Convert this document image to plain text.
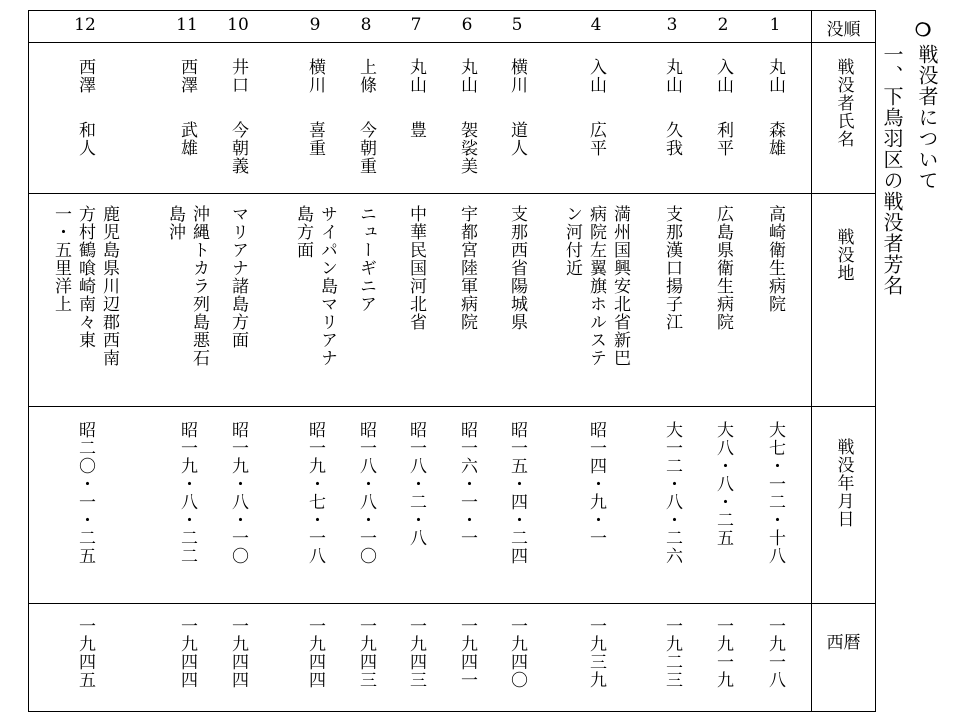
❍
戦没者について
一、下鳥羽区の戦没者芳名
没順
戦没者氏名
戦没地
戦没年月日
西暦
1
丸山
森雄
高崎衛生病院
大七・一二・十八
一九一八
2
入山
利平
広島県衛生病院
大八・八・二五
一九一九
3
丸山
久我
支那漢口揚子江
大一二・八・二六
一九二三
4
入山
広平
満州国興安北省新巴
病院左翼旗ホルステ
ン河付近
昭一四・九・一
一九三九
5
横川
道人
支那西省陽城県
昭一五・四・二四
一九四〇
6
丸山
袈裟美
宇都宮陸軍病院
昭一六・一・一
一九四一
7
丸山
豊
中華民国河北省
昭一八・二・八
一九四三
8
上條
今朝重
ニューギニア
昭一八・八・一〇
一九四三
9
横川
喜重
サイパン島マリアナ
島方面
昭一九・七・一八
一九四四
10
井口
今朝義
マリアナ諸島方面
昭一九・八・一〇
一九四四
11
西澤
武雄
沖縄トカラ列島悪石
島沖
昭一九・八・二二
一九四四
12
西澤
和人
鹿児島県川辺郡西南
方村鶴喰崎南々東
一・五里洋上
昭二〇・一・二五
一九四五
